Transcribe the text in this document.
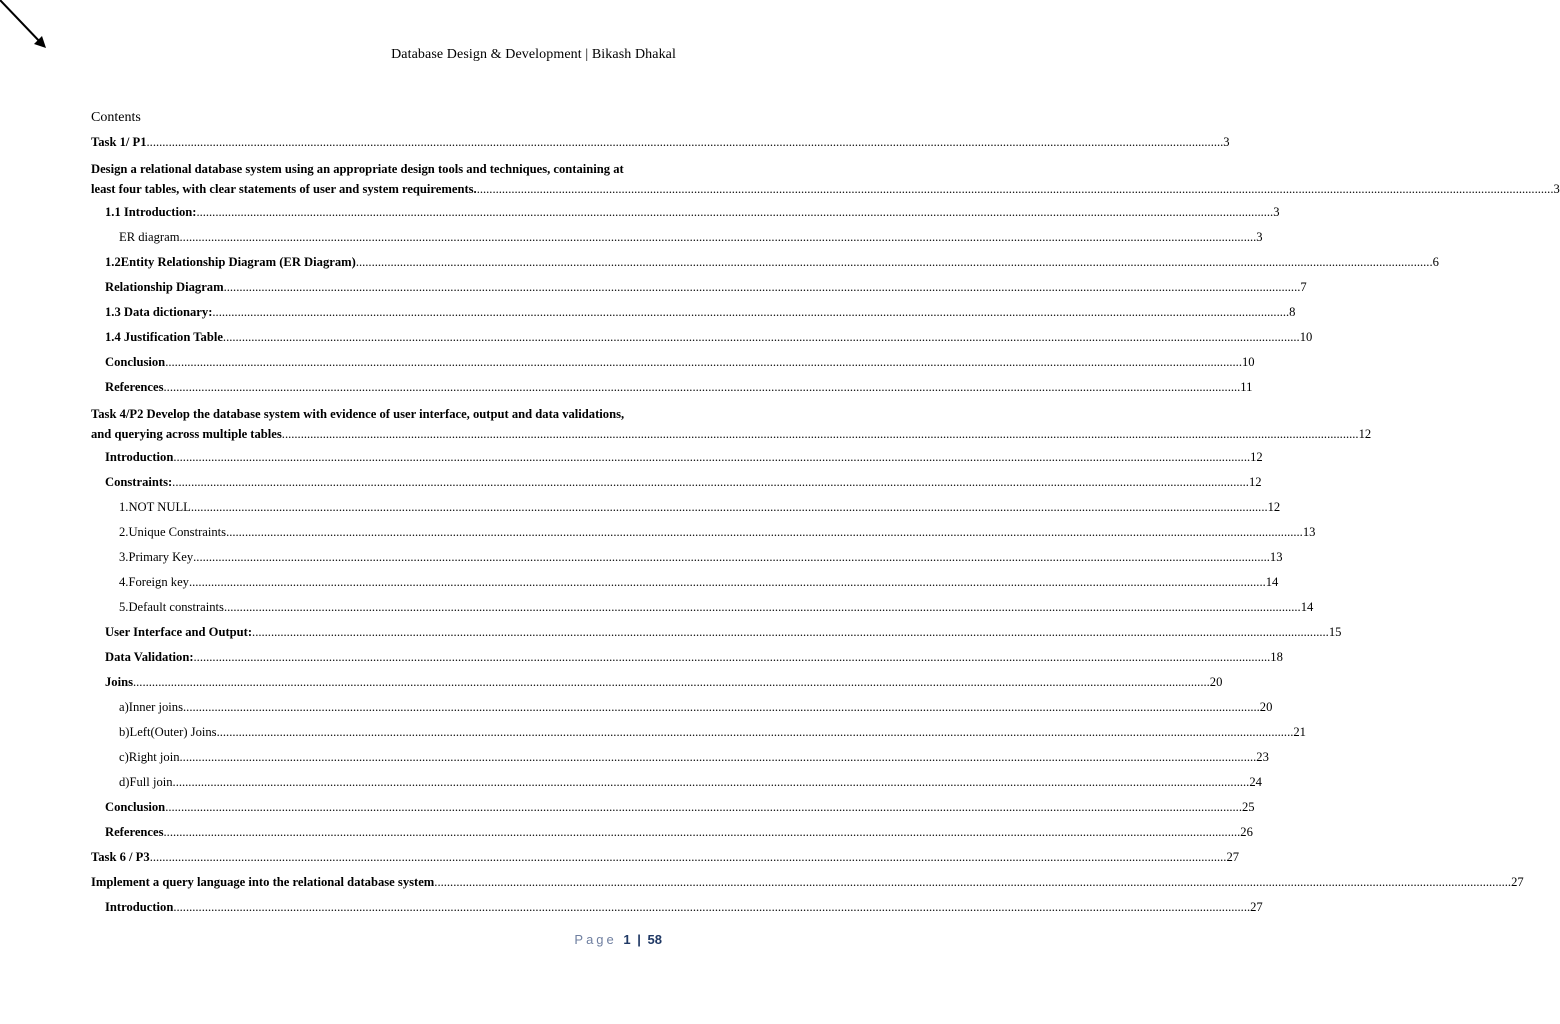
Database Design & Development | Bikash Dhakal
Contents
Task 1/ P1 .....	3
Design a relational database system using an appropriate design tools and techniques, containing at
least four tables, with clear statements of user and system requirements. .....	3
1.1 Introduction: .....	3
ER diagram .....	3
1.2Entity Relationship Diagram (ER Diagram) .....	6
Relationship Diagram .....	7
1.3 Data dictionary: .....	8
1.4 Justification Table .....	10
Conclusion .....	10
References .....	11
Task 4/P2 Develop the database system with evidence of user interface, output and data validations,
and querying across multiple tables .....	12
Introduction .....	12
Constraints: .....	12
1. NOT NULL .....	12
2. Unique Constraints .....	13
3. Primary Key .....	13
4. Foreign key .....	14
5. Default constraints .....	14
User Interface and Output: .....	15
Data Validation: .....	18
Joins .....	20
a) Inner joins .....	20
b) Left(Outer) Joins .....	21
c) Right join .....	23
d) Full join .....	24
Conclusion .....	25
References .....	26
Task 6 / P3 .....	27
Implement a query language into the relational database system .....	27
Introduction .....	27
Page 1 | 58
